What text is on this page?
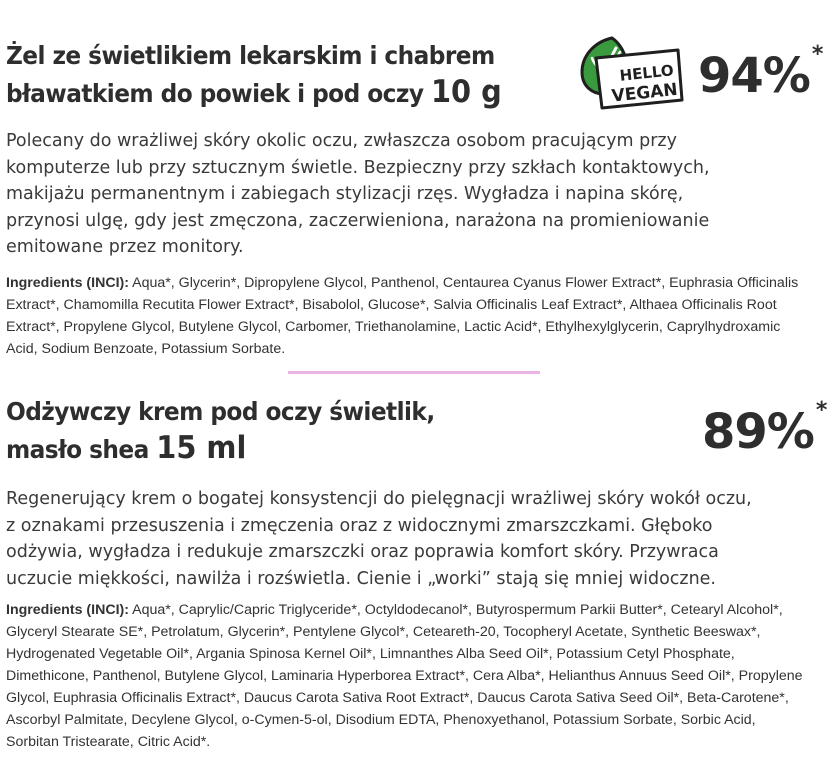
Żel ze świetlikiem lekarskim i chabrem
bławatkiem do powiek i pod oczy 10 g
HELLO
VEGAN 94%*

Polecany do wrażliwej skóry okolic oczu, zwłaszcza osobom pracującym przy

komputerze lub przy sztucznym świetle. Bezpieczny przy szkłach kontaktowych,

makijażu permanentnym i zabiegach stylizacji rzęs. Wygładza i napina skórę,

przynosi ulgę, gdy jest zmęczona, zaczerwieniona, narażona na promieniowanie

emitowane przez monitory.

Ingredients (INCI): Aqua*, Glycerin*, Dipropylene Glycol, Panthenol, Centaurea Cyanus Flower Extract*, Euphrasia Officinalis

Extract*, Chamomilla Recutita Flower Extract*, Bisabolol, Glucose*, Salvia Officinalis Leaf Extract*, Althaea Officinalis Root

Extract*, Propylene Glycol, Butylene Glycol, Carbomer, Triethanolamine, Lactic Acid*, Ethylhexylglycerin, Caprylhydroxamic

Acid, Sodium Benzoate, Potassium Sorbate.

Odżywczy krem pod oczy świetlik,
masło shea 15 ml	89%*

Regenerujący krem o bogatej konsystencji do pielęgnacji wrażliwej skóry wokół oczu,

z oznakami przesuszenia i zmęczenia oraz z widocznymi zmarszczkami. Głęboko

odżywia, wygładza i redukuje zmarszczki oraz poprawia komfort skóry. Przywraca

uczucie miękkości, nawilża i rozświetla. Cienie i „worki” stają się mniej widoczne.

Ingredients (INCI): Aqua*, Caprylic/Capric Triglyceride*, Octyldodecanol*, Butyrospermum Parkii Butter*, Cetearyl Alcohol*,

Glyceryl Stearate SE*, Petrolatum, Glycerin*, Pentylene Glycol*, Ceteareth-20, Tocopheryl Acetate, Synthetic Beeswax*,

Hydrogenated Vegetable Oil*, Argania Spinosa Kernel Oil*, Limnanthes Alba Seed Oil*, Potassium Cetyl Phosphate,

Dimethicone, Panthenol, Butylene Glycol, Laminaria Hyperborea Extract*, Cera Alba*, Helianthus Annuus Seed Oil*, Propylene

Glycol, Euphrasia Officinalis Extract*, Daucus Carota Sativa Root Extract*, Daucus Carota Sativa Seed Oil*, Beta-Carotene*,

Ascorbyl Palmitate, Decylene Glycol, o-Cymen-5-ol, Disodium EDTA, Phenoxyethanol, Potassium Sorbate, Sorbic Acid,

Sorbitan Tristearate, Citric Acid*.
